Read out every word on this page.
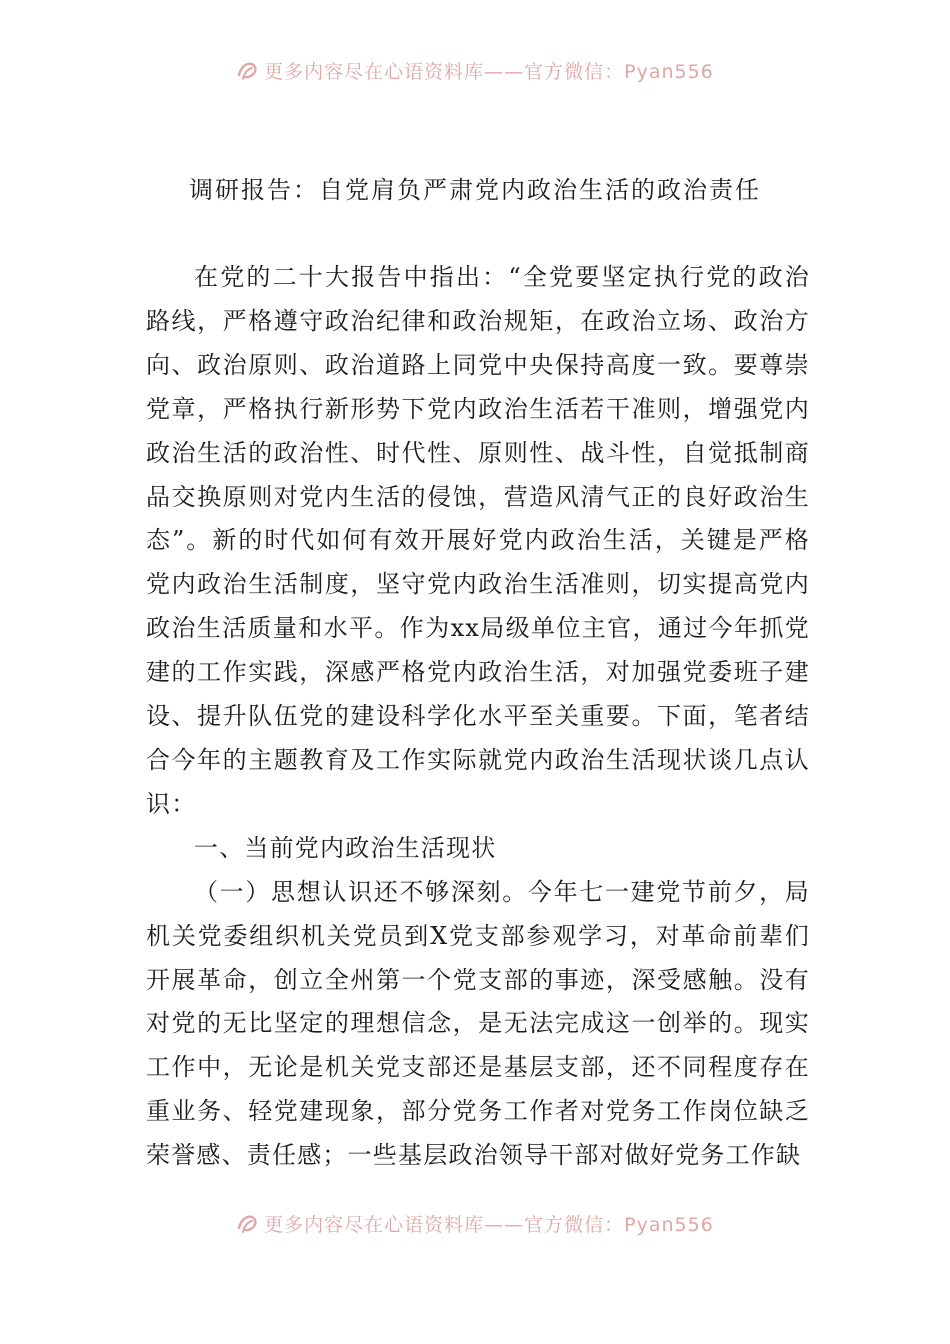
更多内容尽在心语资料库——官方微信：Pyan556
调研报告：自党肩负严肃党内政治生活的政治责任

在党的二十大报告中指出：“全党要坚定执行党的政治路线，严格遵守政治纪律和政治规矩，在政治立场、政治方向、政治原则、政治道路上同党中央保持高度一致。要尊崇党章，严格执行新形势下党内政治生活若干准则，增强党内政治生活的政治性、时代性、原则性、战斗性，自觉抵制商品交换原则对党内生活的侵蚀，营造风清气正的良好政治生态”。新的时代如何有效开展好党内政治生活，关键是严格党内政治生活制度，坚守党内政治生活准则，切实提高党内政治生活质量和水平。作为xx局级单位主官，通过今年抓党建的工作实践，深感严格党内政治生活，对加强党委班子建设、提升队伍党的建设科学化水平至关重要。下面，笔者结合今年的主题教育及工作实际就党内政治生活现状谈几点认识：

一、当前党内政治生活现状

（一）思想认识还不够深刻。今年七一建党节前夕，局机关党委组织机关党员到X党支部参观学习，对革命前辈们开展革命，创立全州第一个党支部的事迹，深受感触。没有对党的无比坚定的理想信念，是无法完成这一创举的。现实工作中，无论是机关党支部还是基层支部，还不同程度存在重业务、轻党建现象，部分党务工作者对党务工作岗位缺乏荣誉感、责任感；一些基层政治领导干部对做好党务工作缺

更多内容尽在心语资料库——官方微信：Pyan556
